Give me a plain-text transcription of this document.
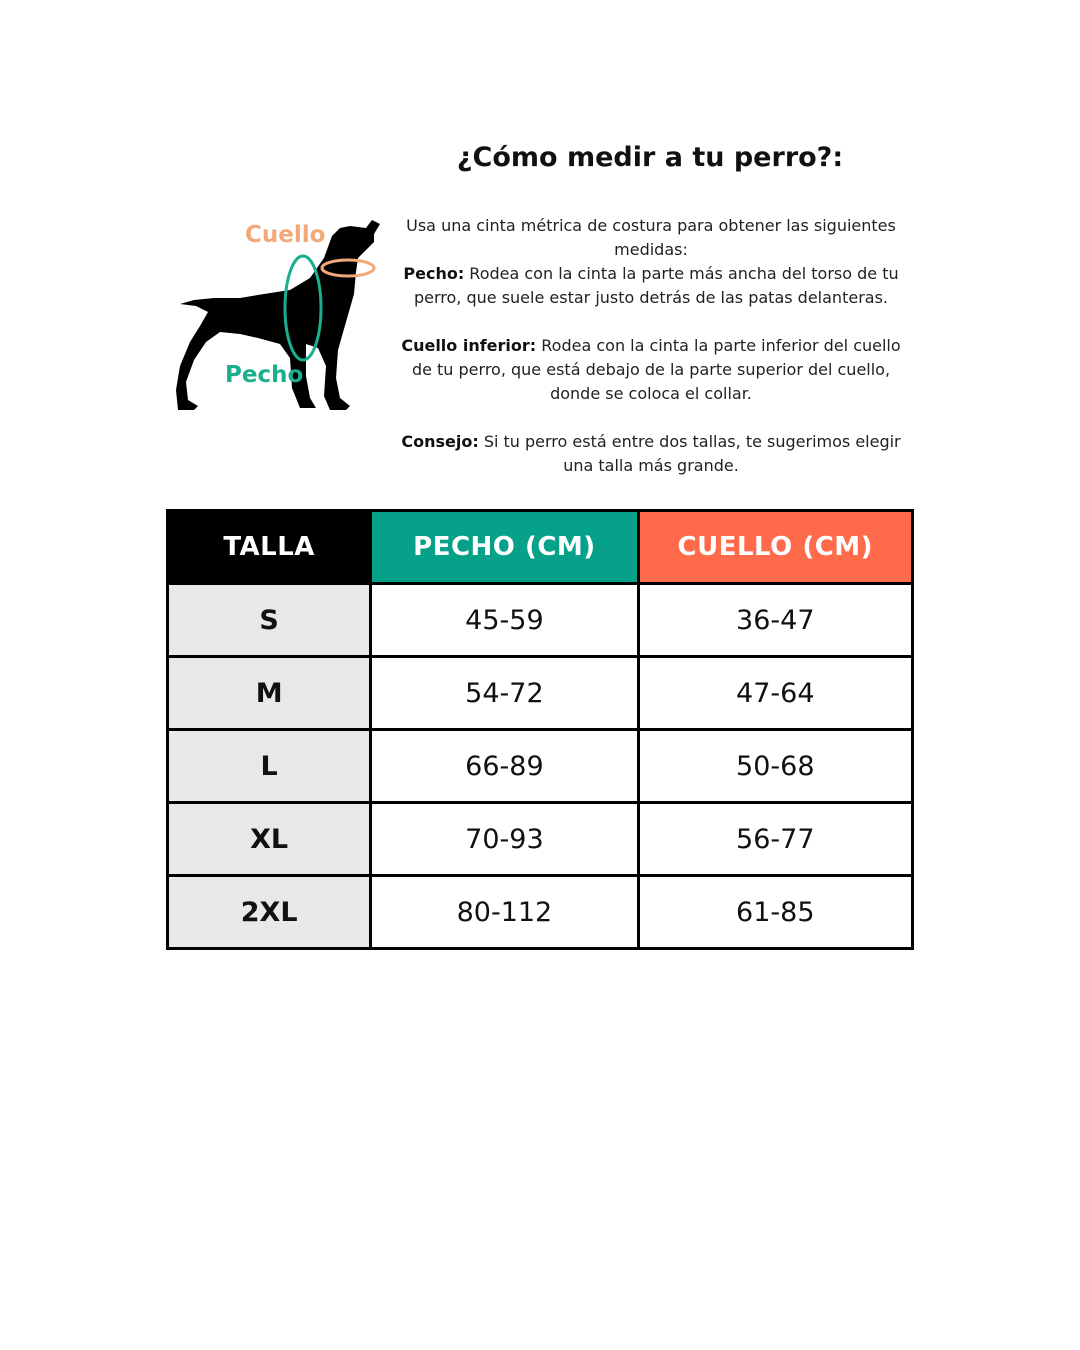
¿Cómo medir a tu perro?:
Cuello
Pecho

Usa una cinta métrica de costura para obtener las siguientes medidas:
Pecho: Rodea con la cinta la parte más ancha del torso de tu perro, que suele estar justo detrás de las patas delanteras.

Cuello inferior: Rodea con la cinta la parte inferior del cuello de tu perro, que está debajo de la parte superior del cuello, donde se coloca el collar.

Consejo: Si tu perro está entre dos tallas, te sugerimos elegir una talla más grande.

TALLA	PECHO (CM)	CUELLO (CM)
S	45-59	36-47
M	54-72	47-64
L	66-89	50-68
XL	70-93	56-77
2XL	80-112	61-85
